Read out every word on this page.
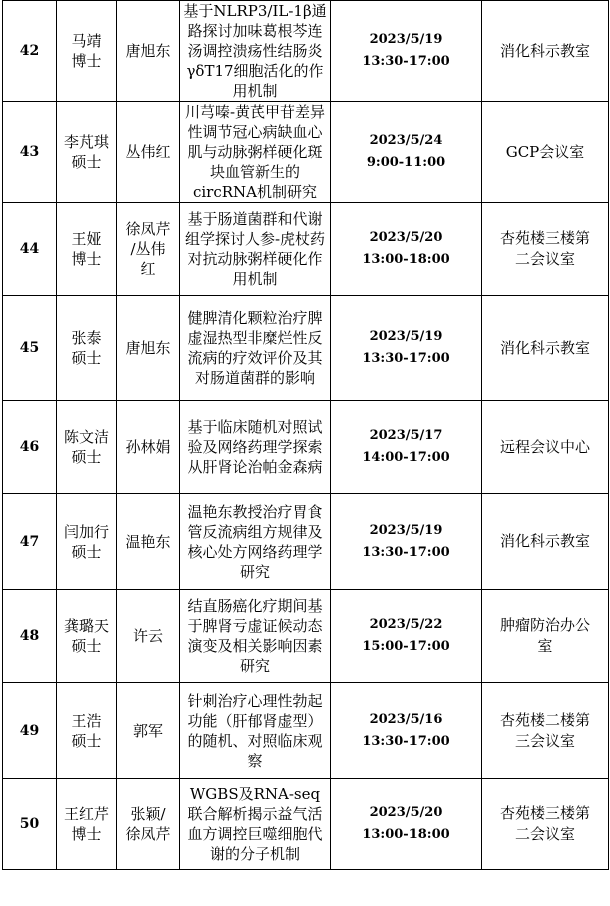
42	马靖
博士	唐旭东	基于NLRP3/IL-1β通路探讨加味葛根芩连汤调控溃疡性结肠炎γδT17细胞活化的作用机制	2023/5/19
13:30-17:00	消化科示教室
43	李芃琪
硕士	丛伟红	川芎嗪-黄芪甲苷差异性调节冠心病缺血心肌与动脉粥样硬化斑块血管新生的circRNA机制研究	2023/5/24
9:00-11:00	GCP会议室
44	王娅
博士	徐凤芹
/丛伟
红	基于肠道菌群和代谢组学探讨人参-虎杖药对抗动脉粥样硬化作用机制	2023/5/20
13:00-18:00	杏苑楼三楼第
二会议室
45	张泰
硕士	唐旭东	健脾清化颗粒治疗脾虚湿热型非糜烂性反流病的疗效评价及其对肠道菌群的影响	2023/5/19
13:30-17:00	消化科示教室
46	陈文洁
硕士	孙林娟	基于临床随机对照试验及网络药理学探索从肝肾论治帕金森病	2023/5/17
14:00-17:00	远程会议中心
47	闫加行
硕士	温艳东	温艳东教授治疗胃食管反流病组方规律及核心处方网络药理学研究	2023/5/19
13:30-17:00	消化科示教室
48	龚璐天
硕士	许云	结直肠癌化疗期间基于脾肾亏虚证候动态演变及相关影响因素研究	2023/5/22
15:00-17:00	肿瘤防治办公
室
49	王浩
硕士	郭军	针刺治疗心理性勃起功能（肝郁肾虚型）的随机、对照临床观察	2023/5/16
13:30-17:00	杏苑楼二楼第
三会议室
50	王红芹
博士	张颖/
徐凤芹	WGBS及RNA-seq联合解析揭示益气活血方调控巨噬细胞代谢的分子机制	2023/5/20
13:00-18:00	杏苑楼三楼第
二会议室
